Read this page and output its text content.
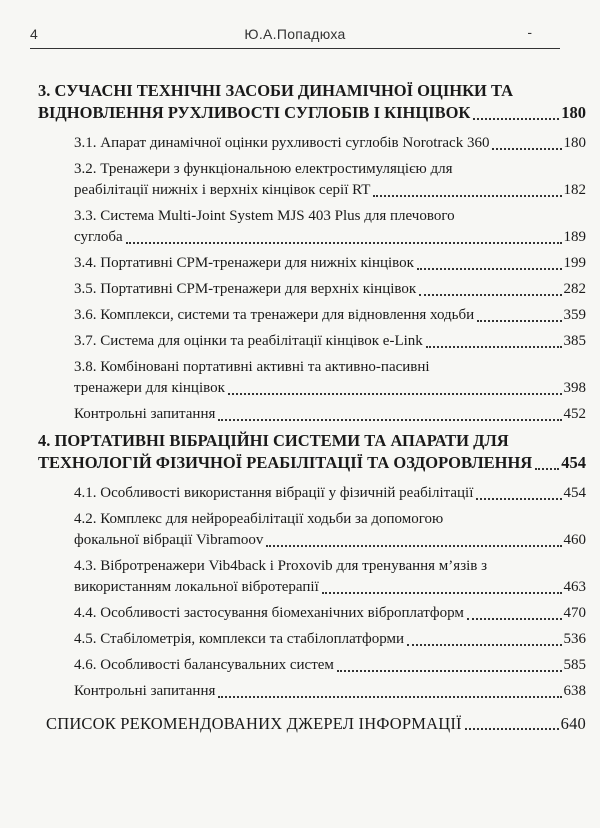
4	Ю.А.Попадюха	-
3. СУЧАСНІ ТЕХНІЧНІ ЗАСОБИ ДИНАМІЧНОЇ ОЦІНКИ ТА
ВІДНОВЛЕННЯ РУХЛИВОСТІ СУГЛОБІВ І КІНЦІВОК	180
3.1. Апарат динамічної оцінки рухливості суглобів Norotrack 360	180
3.2. Тренажери з функціональною електростимуляцією для
реабілітації нижніх і верхніх кінцівок серії RT	182
3.3. Система Multi-Joint System MJS 403 Plus для плечового
суглоба	189
3.4. Портативні CPM-тренажери для нижніх кінцівок	199
3.5. Портативні CPM-тренажери для верхніх кінцівок	282
3.6. Комплекси, системи та тренажери для відновлення ходьби	359
3.7. Система для оцінки та реабілітації кінцівок e-Link	385
3.8. Комбіновані портативні активні та активно-пасивні
тренажери для кінцівок	398
Контрольні запитання	452
4. ПОРТАТИВНІ ВІБРАЦІЙНІ СИСТЕМИ ТА АПАРАТИ ДЛЯ
ТЕХНОЛОГІЙ ФІЗИЧНОЇ РЕАБІЛІТАЦІЇ ТА ОЗДОРОВЛЕННЯ 454
4.1. Особливості використання вібрації у фізичній реабілітації	454
4.2. Комплекс для нейрореабілітації ходьби за допомогою
фокальної вібрації Vibramoov	460
4.3. Вібротренажери Vib4back і Proxovib для тренування м’язів з
використанням локальної вібротерапії	463
4.4. Особливості застосування біомеханічних віброплатформ	470
4.5. Стабілометрія, комплекси та стабілоплатформи	536
4.6. Особливості балансувальних систем	585
Контрольні запитання	638
СПИСОК РЕКОМЕНДОВАНИХ ДЖЕРЕЛ ІНФОРМАЦІЇ	640
